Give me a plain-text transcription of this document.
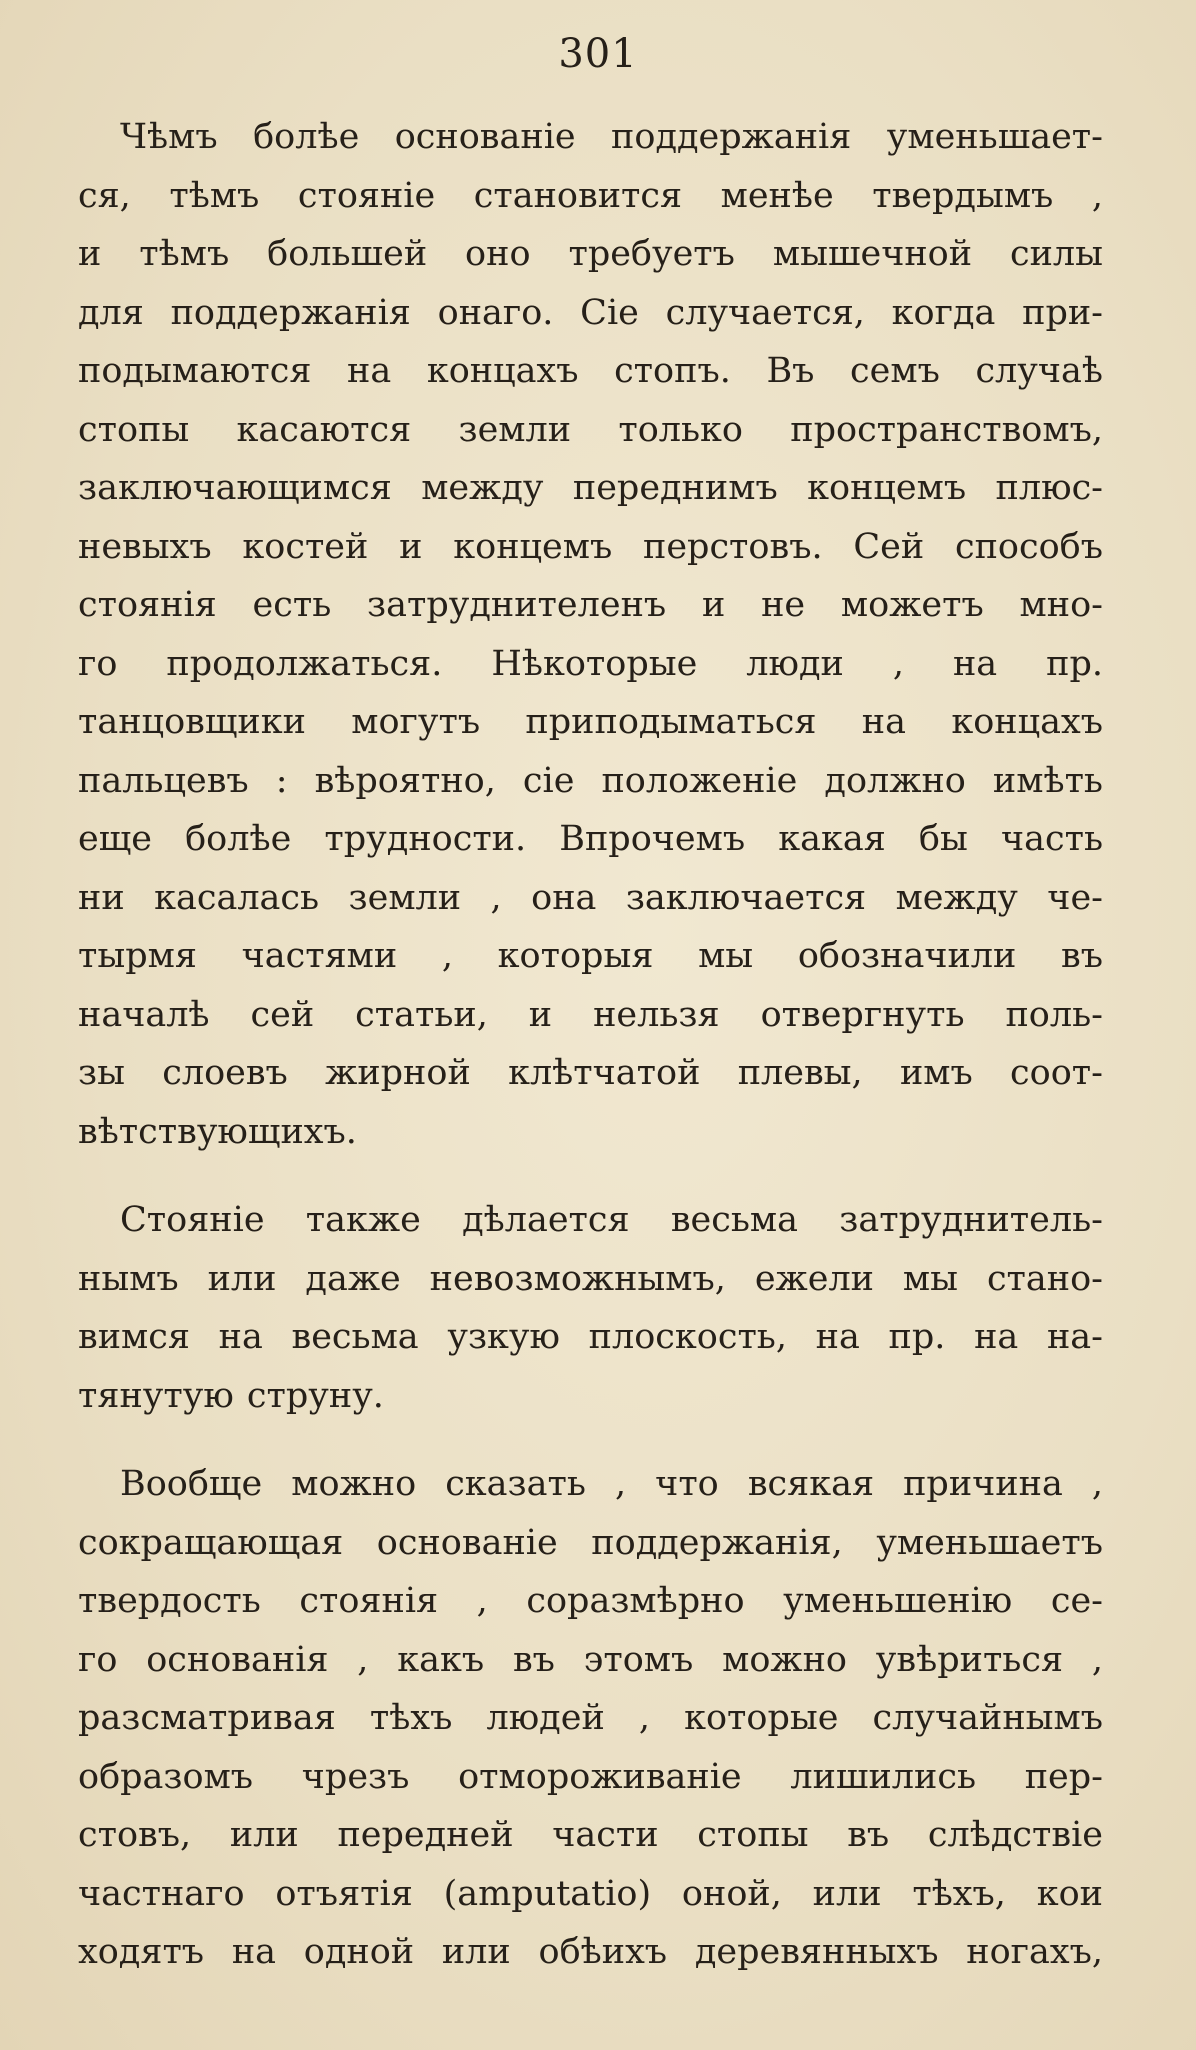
301
Чѣмъ болѣе основаніе поддержанія уменьшает-
ся, тѣмъ стояніе становится менѣе твердымъ ,
и тѣмъ большей оно требуетъ мышечной силы
для поддержанія онаго. Сіе случается, когда при-
подымаются на концахъ стопъ. Въ семъ случаѣ
стопы касаются земли только пространствомъ,
заключающимся между переднимъ концемъ плюс-
невыхъ костей и концемъ перстовъ. Сей способъ
стоянія есть затруднителенъ и не можетъ мно-
го продолжаться. Нѣкоторые люди , на пр.
танцовщики могутъ приподыматься на концахъ
пальцевъ : вѣроятно, сіе положеніе должно имѣть
еще болѣе трудности. Впрочемъ какая бы часть
ни касалась земли , она заключается между че-
тырмя частями , которыя мы обозначили въ
началѣ сей статьи, и нельзя отвергнуть поль-
зы слоевъ жирной клѣтчатой плевы, имъ соот-
вѣтствующихъ.
Стояніе также дѣлается весьма затруднитель-
нымъ или даже невозможнымъ, ежели мы стано-
вимся на весьма узкую плоскость, на пр. на на-
тянутую струну.
Вообще можно сказать , что всякая причина ,
сокращающая основаніе поддержанія, уменьшаетъ
твердость стоянія , соразмѣрно уменьшенію се-
го основанія , какъ въ этомъ можно увѣриться ,
разсматривая тѣхъ людей , которые случайнымъ
образомъ чрезъ отмороживаніе лишились пер-
стовъ, или передней части стопы въ слѣдствіе
частнаго отъятія (amputatio) оной, или тѣхъ, кои
ходятъ на одной или обѣихъ деревянныхъ ногахъ,
